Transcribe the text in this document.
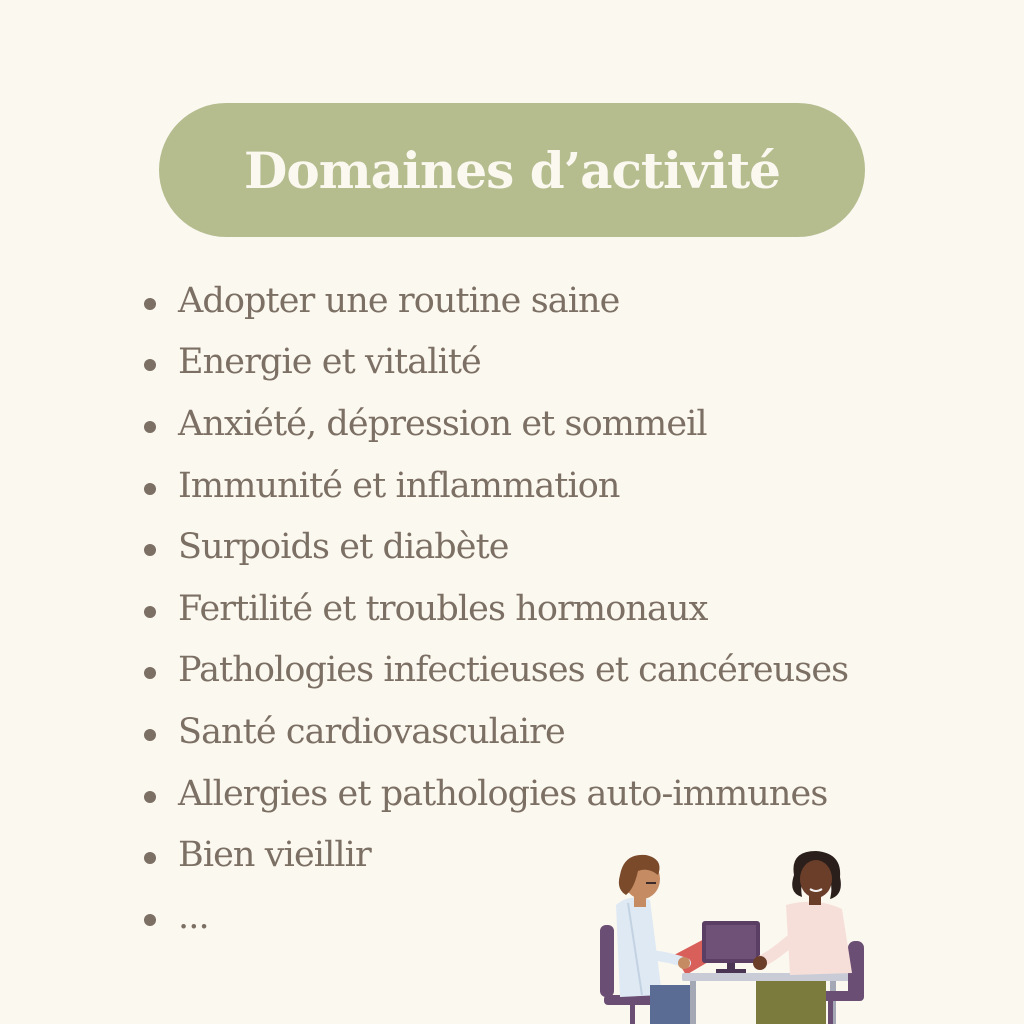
Domaines d’activité
Adopter une routine saine
Energie et vitalité
Anxiété, dépression et sommeil
Immunité et inflammation
Surpoids et diabète
Fertilité et troubles hormonaux
Pathologies infectieuses et cancéreuses
Santé cardiovasculaire
Allergies et pathologies auto-immunes
Bien vieillir
...
